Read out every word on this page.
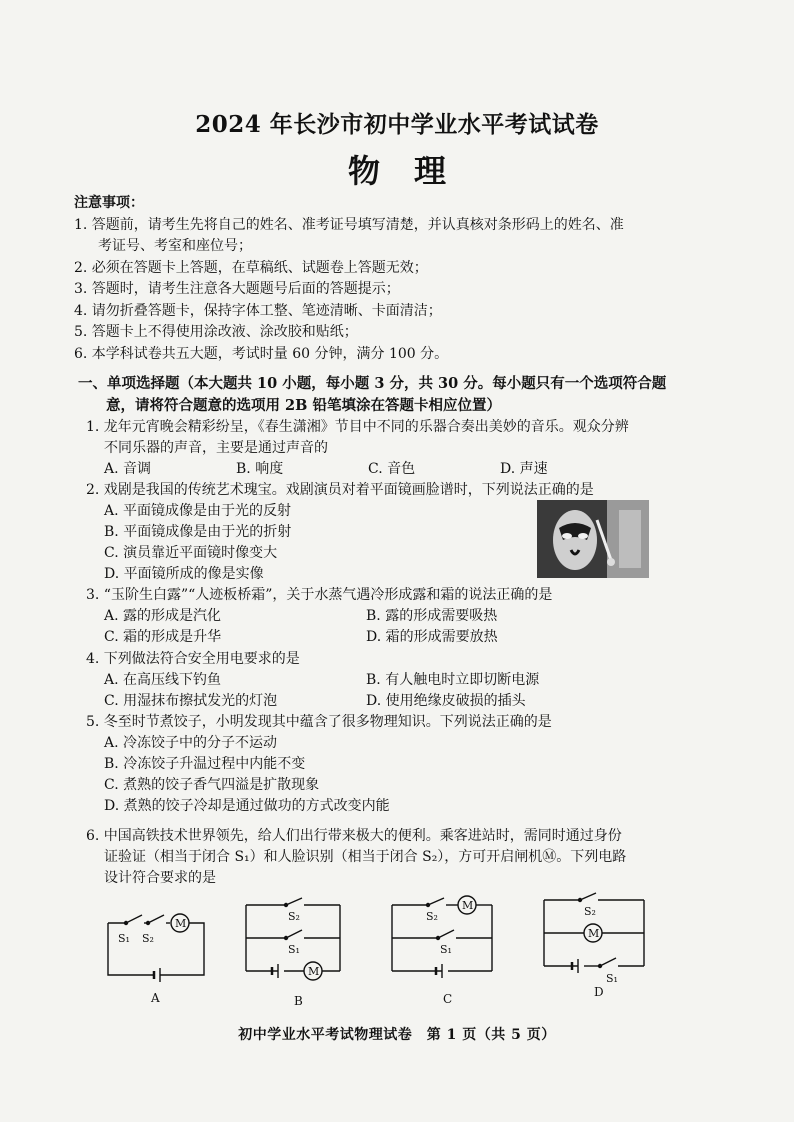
2024 年长沙市初中学业水平考试试卷
物理
注意事项：
1. 答题前，请考生先将自己的姓名、准考证号填写清楚，并认真核对条形码上的姓名、准
考证号、考室和座位号；
2. 必须在答题卡上答题，在草稿纸、试题卷上答题无效；
3. 答题时，请考生注意各大题题号后面的答题提示；
4. 请勿折叠答题卡，保持字体工整、笔迹清晰、卡面清洁；
5. 答题卡上不得使用涂改液、涂改胶和贴纸；
6. 本学科试卷共五大题，考试时量 60 分钟，满分 100 分。
一、单项选择题（本大题共 10 小题，每小题 3 分，共 30 分。每小题只有一个选项符合题
意，请将符合题意的选项用 2B 铅笔填涂在答题卡相应位置）
1. 龙年元宵晚会精彩纷呈，《春生潇湘》节目中不同的乐器合奏出美妙的音乐。观众分辨
不同乐器的声音，主要是通过声音的
A. 音调	B. 响度	C. 音色	D. 声速
2. 戏剧是我国的传统艺术瑰宝。戏剧演员对着平面镜画脸谱时，下列说法正确的是
A. 平面镜成像是由于光的反射
B. 平面镜成像是由于光的折射
C. 演员靠近平面镜时像变大
D. 平面镜所成的像是实像
3. “玉阶生白露”“人迹板桥霜”，关于水蒸气遇冷形成露和霜的说法正确的是
A. 露的形成是汽化	B. 露的形成需要吸热
C. 霜的形成是升华	D. 霜的形成需要放热
4. 下列做法符合安全用电要求的是
A. 在高压线下钓鱼	B. 有人触电时立即切断电源
C. 用湿抹布擦拭发光的灯泡	D. 使用绝缘皮破损的插头
5. 冬至时节煮饺子，小明发现其中蕴含了很多物理知识。下列说法正确的是
A. 冷冻饺子中的分子不运动
B. 冷冻饺子升温过程中内能不变
C. 煮熟的饺子香气四溢是扩散现象
D. 煮熟的饺子冷却是通过做功的方式改变内能
6. 中国高铁技术世界领先，给人们出行带来极大的便利。乘客进站时，需同时通过身份
证验证（相当于闭合 S₁）和人脸识别（相当于闭合 S₂），方可开启闸机Ⓜ。下列电路
设计符合要求的是
S₁ S₂
M
A
S₂
S₁
M
B
S₂
S₁
M
C
S₂
M
S₁
D
初中学业水平考试物理试卷　第 1 页（共 5 页）
